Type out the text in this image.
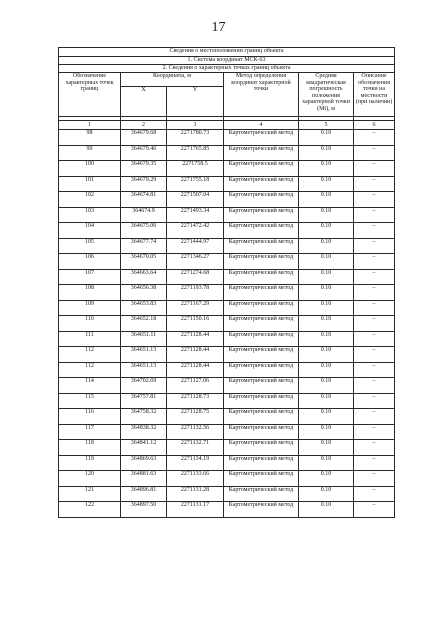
17
Сведения о местоположении границ объекта					
1. Система координат МСК-63					
2. Сведения о характерных точках границ объекта					
Обозначение характерных точек границ	Координаты, м		Метод определения координат характерной точки	Средняя квадратическая погрешность положения характерной точки (Mt), м	Описание обозначения точки на местности (при наличии)
	X	Y			

1	2	3	4	5	6
98	364679.68	2271780.73	Картометрический метод	0.10	–
99	364679.46	2271765.85	Картометрический метод	0.10	–
100	364679.35	2271758.5	Картометрический метод	0.10	–
101	364679.29	2271755.18	Картометрический метод	0.10	–
102	364674.81	2271507.04	Картометрический метод	0.10	–
103	364674.9	2271493.34	Картометрический метод	0.10	–
104	364675.06	2271472.42	Картометрический метод	0.10	–
105	364677.74	2271444.97	Картометрический метод	0.10	–
106	364670.05	2271346.27	Картометрический метод	0.10	–
107	364663.64	2271274.68	Картометрический метод	0.10	–
108	364656.38	2271193.78	Картометрический метод	0.10	–
109	364653.83	2271167.29	Картометрический метод	0.10	–
110	364652.18	2271150.16	Картометрический метод	0.10	–
111	364651.11	2271128.44	Картометрический метод	0.10	–
112	364651.13	2271128.44	Картометрический метод	0.10	–
112	364651.13	2271128.44	Картометрический метод	0.10	–
114	364702.69	2271127.06	Картометрический метод	0.10	–
115	364757.81	2271128.73	Картометрический метод	0.10	–
116	364758.32	2271128.75	Картометрический метод	0.10	–
117	364838.32	2271132.56	Картометрический метод	0.10	–
118	364841.12	2271132.71	Картометрический метод	0.10	–
119	364869.63	2271134.19	Картометрический метод	0.10	–
120	364881.63	2271133.66	Картометрический метод	0.10	–
121	364896.81	2271131.28	Картометрический метод	0.10	–
122	364897.50	2271131.17	Картометрический метод	0.10	–
